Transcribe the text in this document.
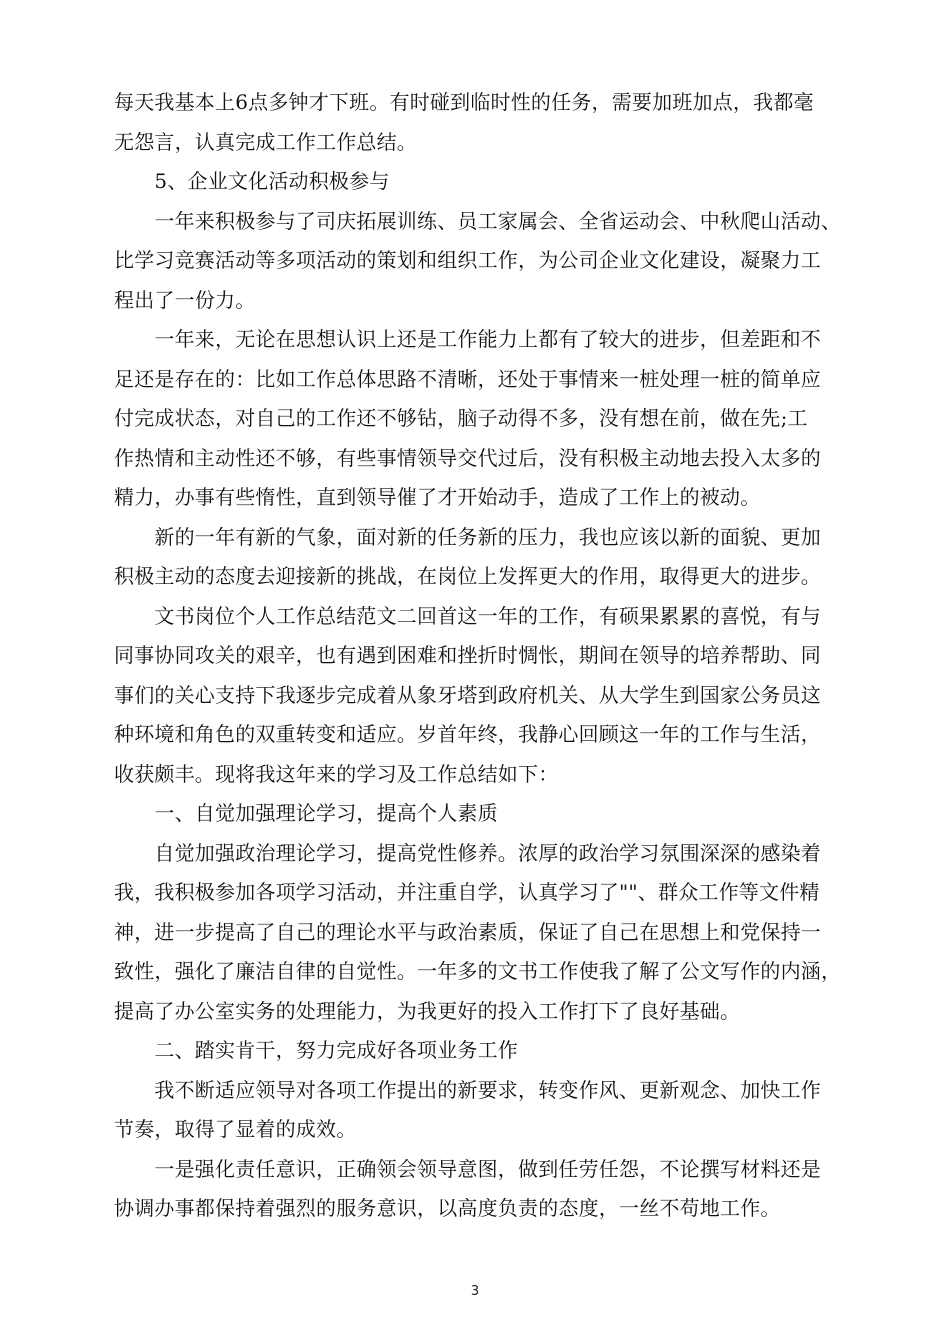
每天我基本上6点多钟才下班。有时碰到临时性的任务，需要加班加点，我都毫
无怨言，认真完成工作工作总结。

　　5、企业文化活动积极参与

　　一年来积极参与了司庆拓展训练、员工家属会、全省运动会、中秋爬山活动、
比学习竞赛活动等多项活动的策划和组织工作，为公司企业文化建设，凝聚力工
程出了一份力。

　　一年来，无论在思想认识上还是工作能力上都有了较大的进步，但差距和不
足还是存在的：比如工作总体思路不清晰，还处于事情来一桩处理一桩的简单应
付完成状态，对自己的工作还不够钻，脑子动得不多，没有想在前，做在先;工
作热情和主动性还不够，有些事情领导交代过后，没有积极主动地去投入太多的
精力，办事有些惰性，直到领导催了才开始动手，造成了工作上的被动。

　　新的一年有新的气象，面对新的任务新的压力，我也应该以新的面貌、更加
积极主动的态度去迎接新的挑战，在岗位上发挥更大的作用，取得更大的进步。

　　文书岗位个人工作总结范文二回首这一年的工作，有硕果累累的喜悦，有与
同事协同攻关的艰辛，也有遇到困难和挫折时惆怅，期间在领导的培养帮助、同
事们的关心支持下我逐步完成着从象牙塔到政府机关、从大学生到国家公务员这
种环境和角色的双重转变和适应。岁首年终，我静心回顾这一年的工作与生活，
收获颇丰。现将我这年来的学习及工作总结如下：

　　一、自觉加强理论学习，提高个人素质

　　自觉加强政治理论学习，提高党性修养。浓厚的政治学习氛围深深的感染着
我，我积极参加各项学习活动，并注重自学，认真学习了""、群众工作等文件精
神，进一步提高了自己的理论水平与政治素质，保证了自己在思想上和党保持一
致性，强化了廉洁自律的自觉性。一年多的文书工作使我了解了公文写作的内涵，
提高了办公室实务的处理能力，为我更好的投入工作打下了良好基础。

　　二、踏实肯干，努力完成好各项业务工作

　　我不断适应领导对各项工作提出的新要求，转变作风、更新观念、加快工作
节奏，取得了显着的成效。

　　一是强化责任意识，正确领会领导意图，做到任劳任怨，不论撰写材料还是
协调办事都保持着强烈的服务意识，以高度负责的态度，一丝不苟地工作。

3
